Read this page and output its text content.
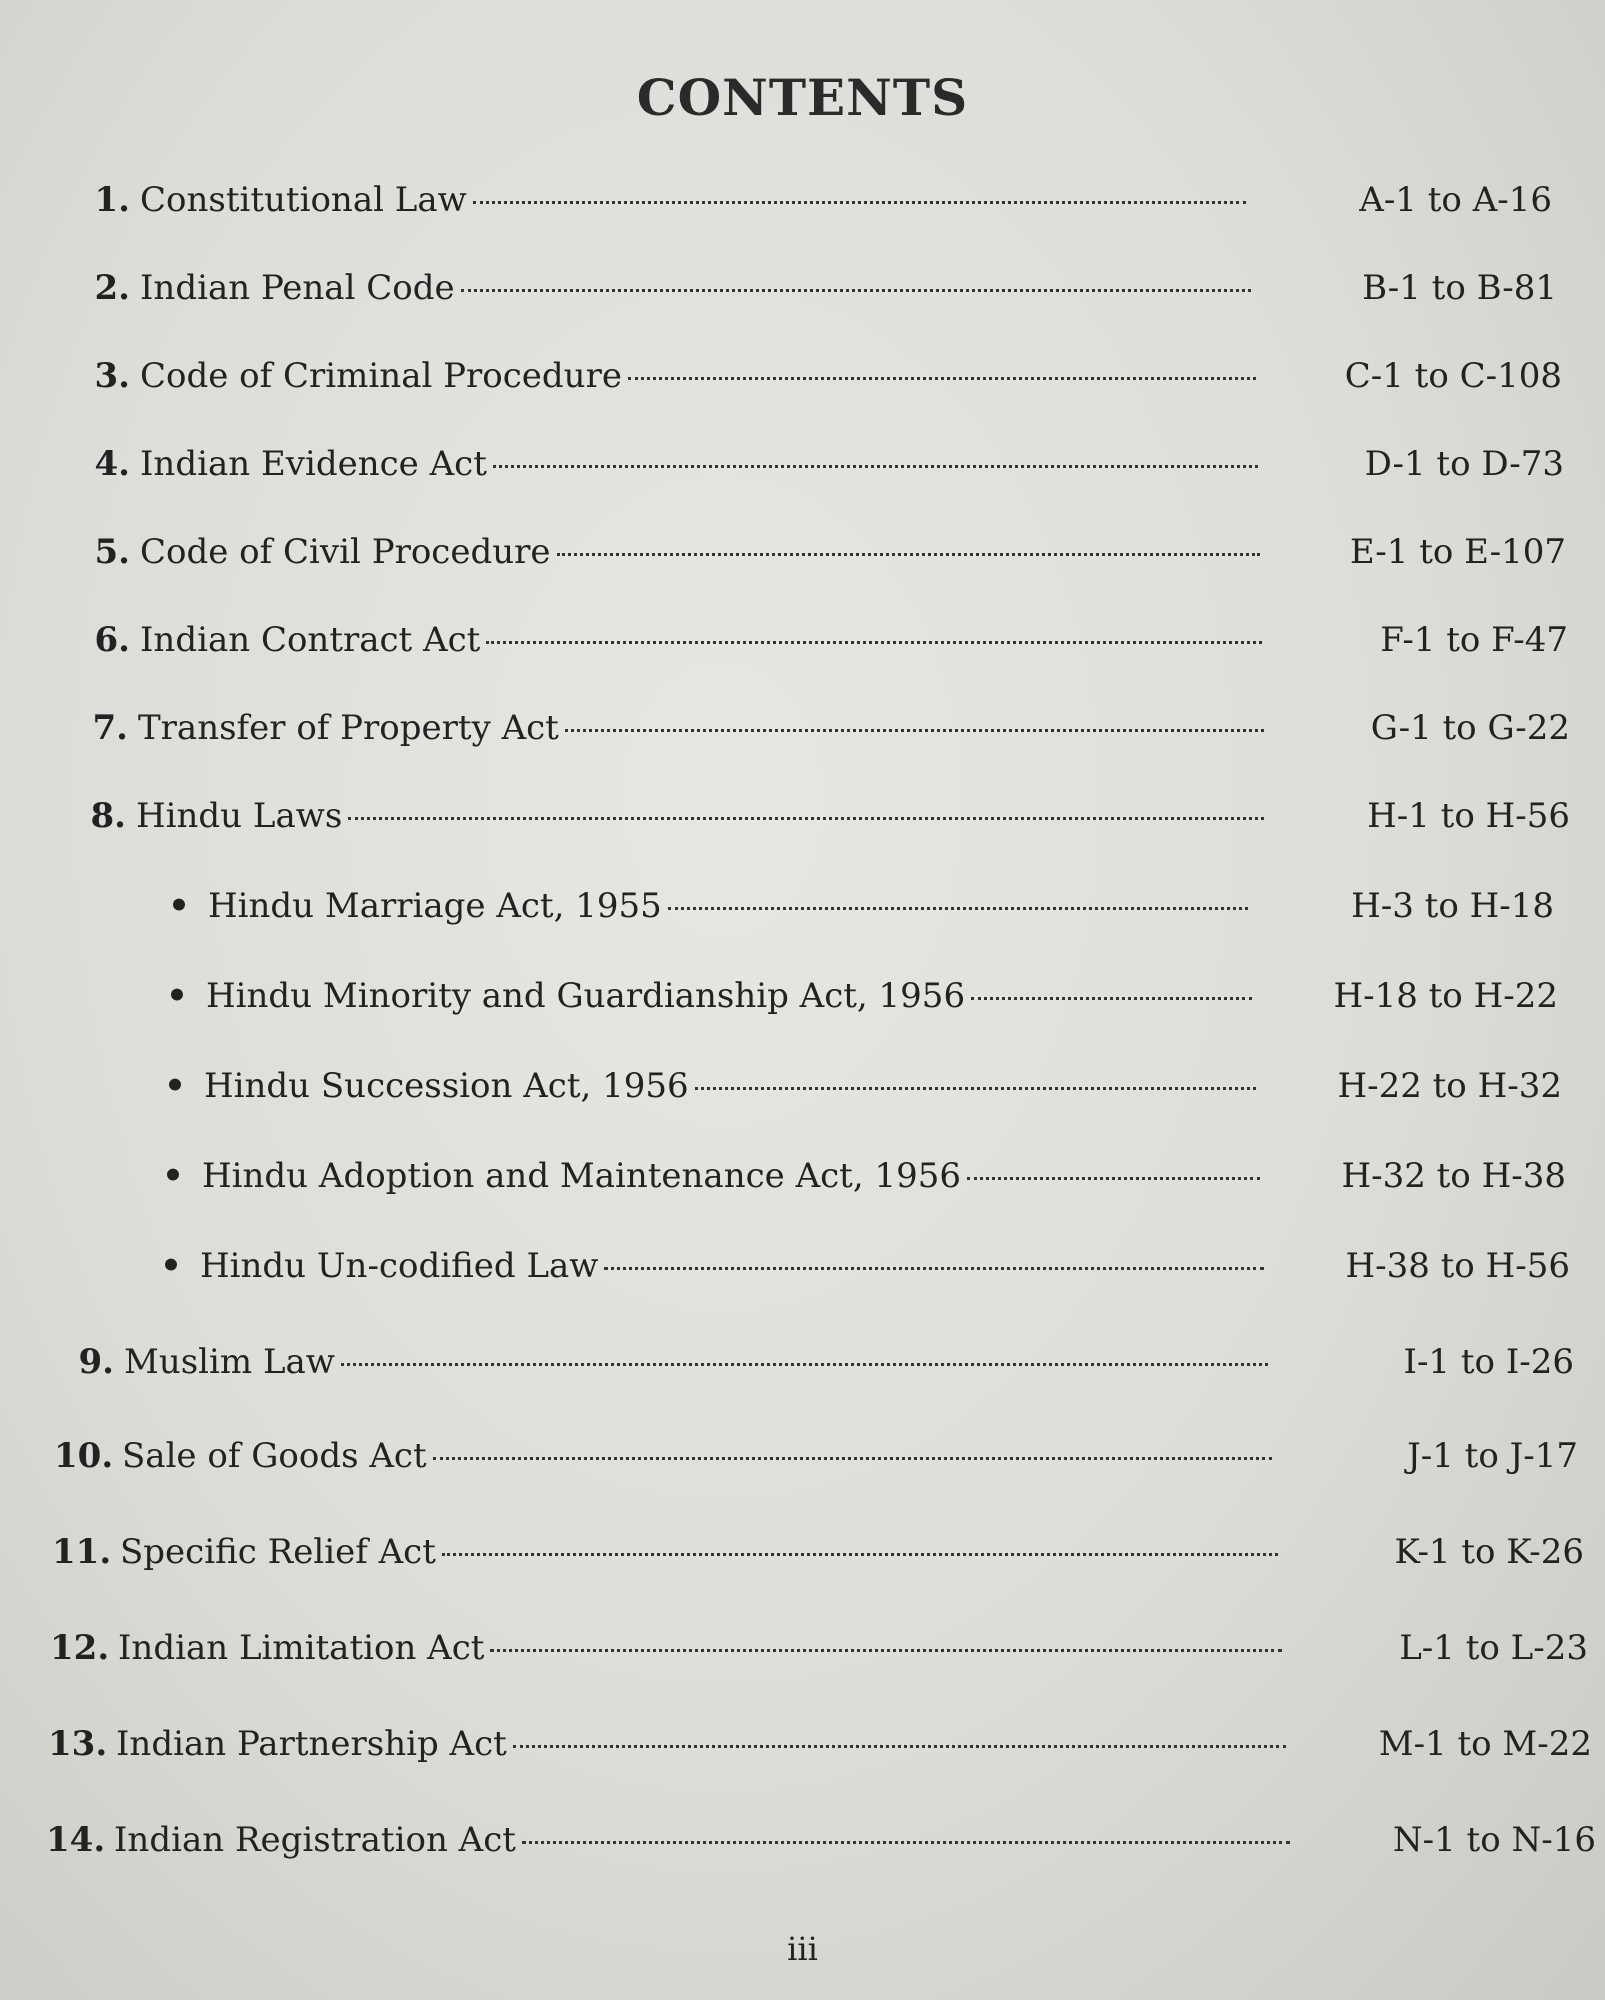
CONTENTS
1. Constitutional Law	A-1 to A-16
2. Indian Penal Code	B-1 to B-81
3. Code of Criminal Procedure	C-1 to C-108
4. Indian Evidence Act	D-1 to D-73
5. Code of Civil Procedure	E-1 to E-107
6. Indian Contract Act	F-1 to F-47
7. Transfer of Property Act	G-1 to G-22
8. Hindu Laws	H-1 to H-56
• Hindu Marriage Act, 1955	H-3 to H-18
• Hindu Minority and Guardianship Act, 1956	H-18 to H-22
• Hindu Succession Act, 1956	H-22 to H-32
• Hindu Adoption and Maintenance Act, 1956	H-32 to H-38
• Hindu Un-codified Law	H-38 to H-56
9. Muslim Law	I-1 to I-26
10. Sale of Goods Act	J-1 to J-17
11. Specific Relief Act	K-1 to K-26
12. Indian Limitation Act	L-1 to L-23
13. Indian Partnership Act	M-1 to M-22
14. Indian Registration Act	N-1 to N-16
iii
